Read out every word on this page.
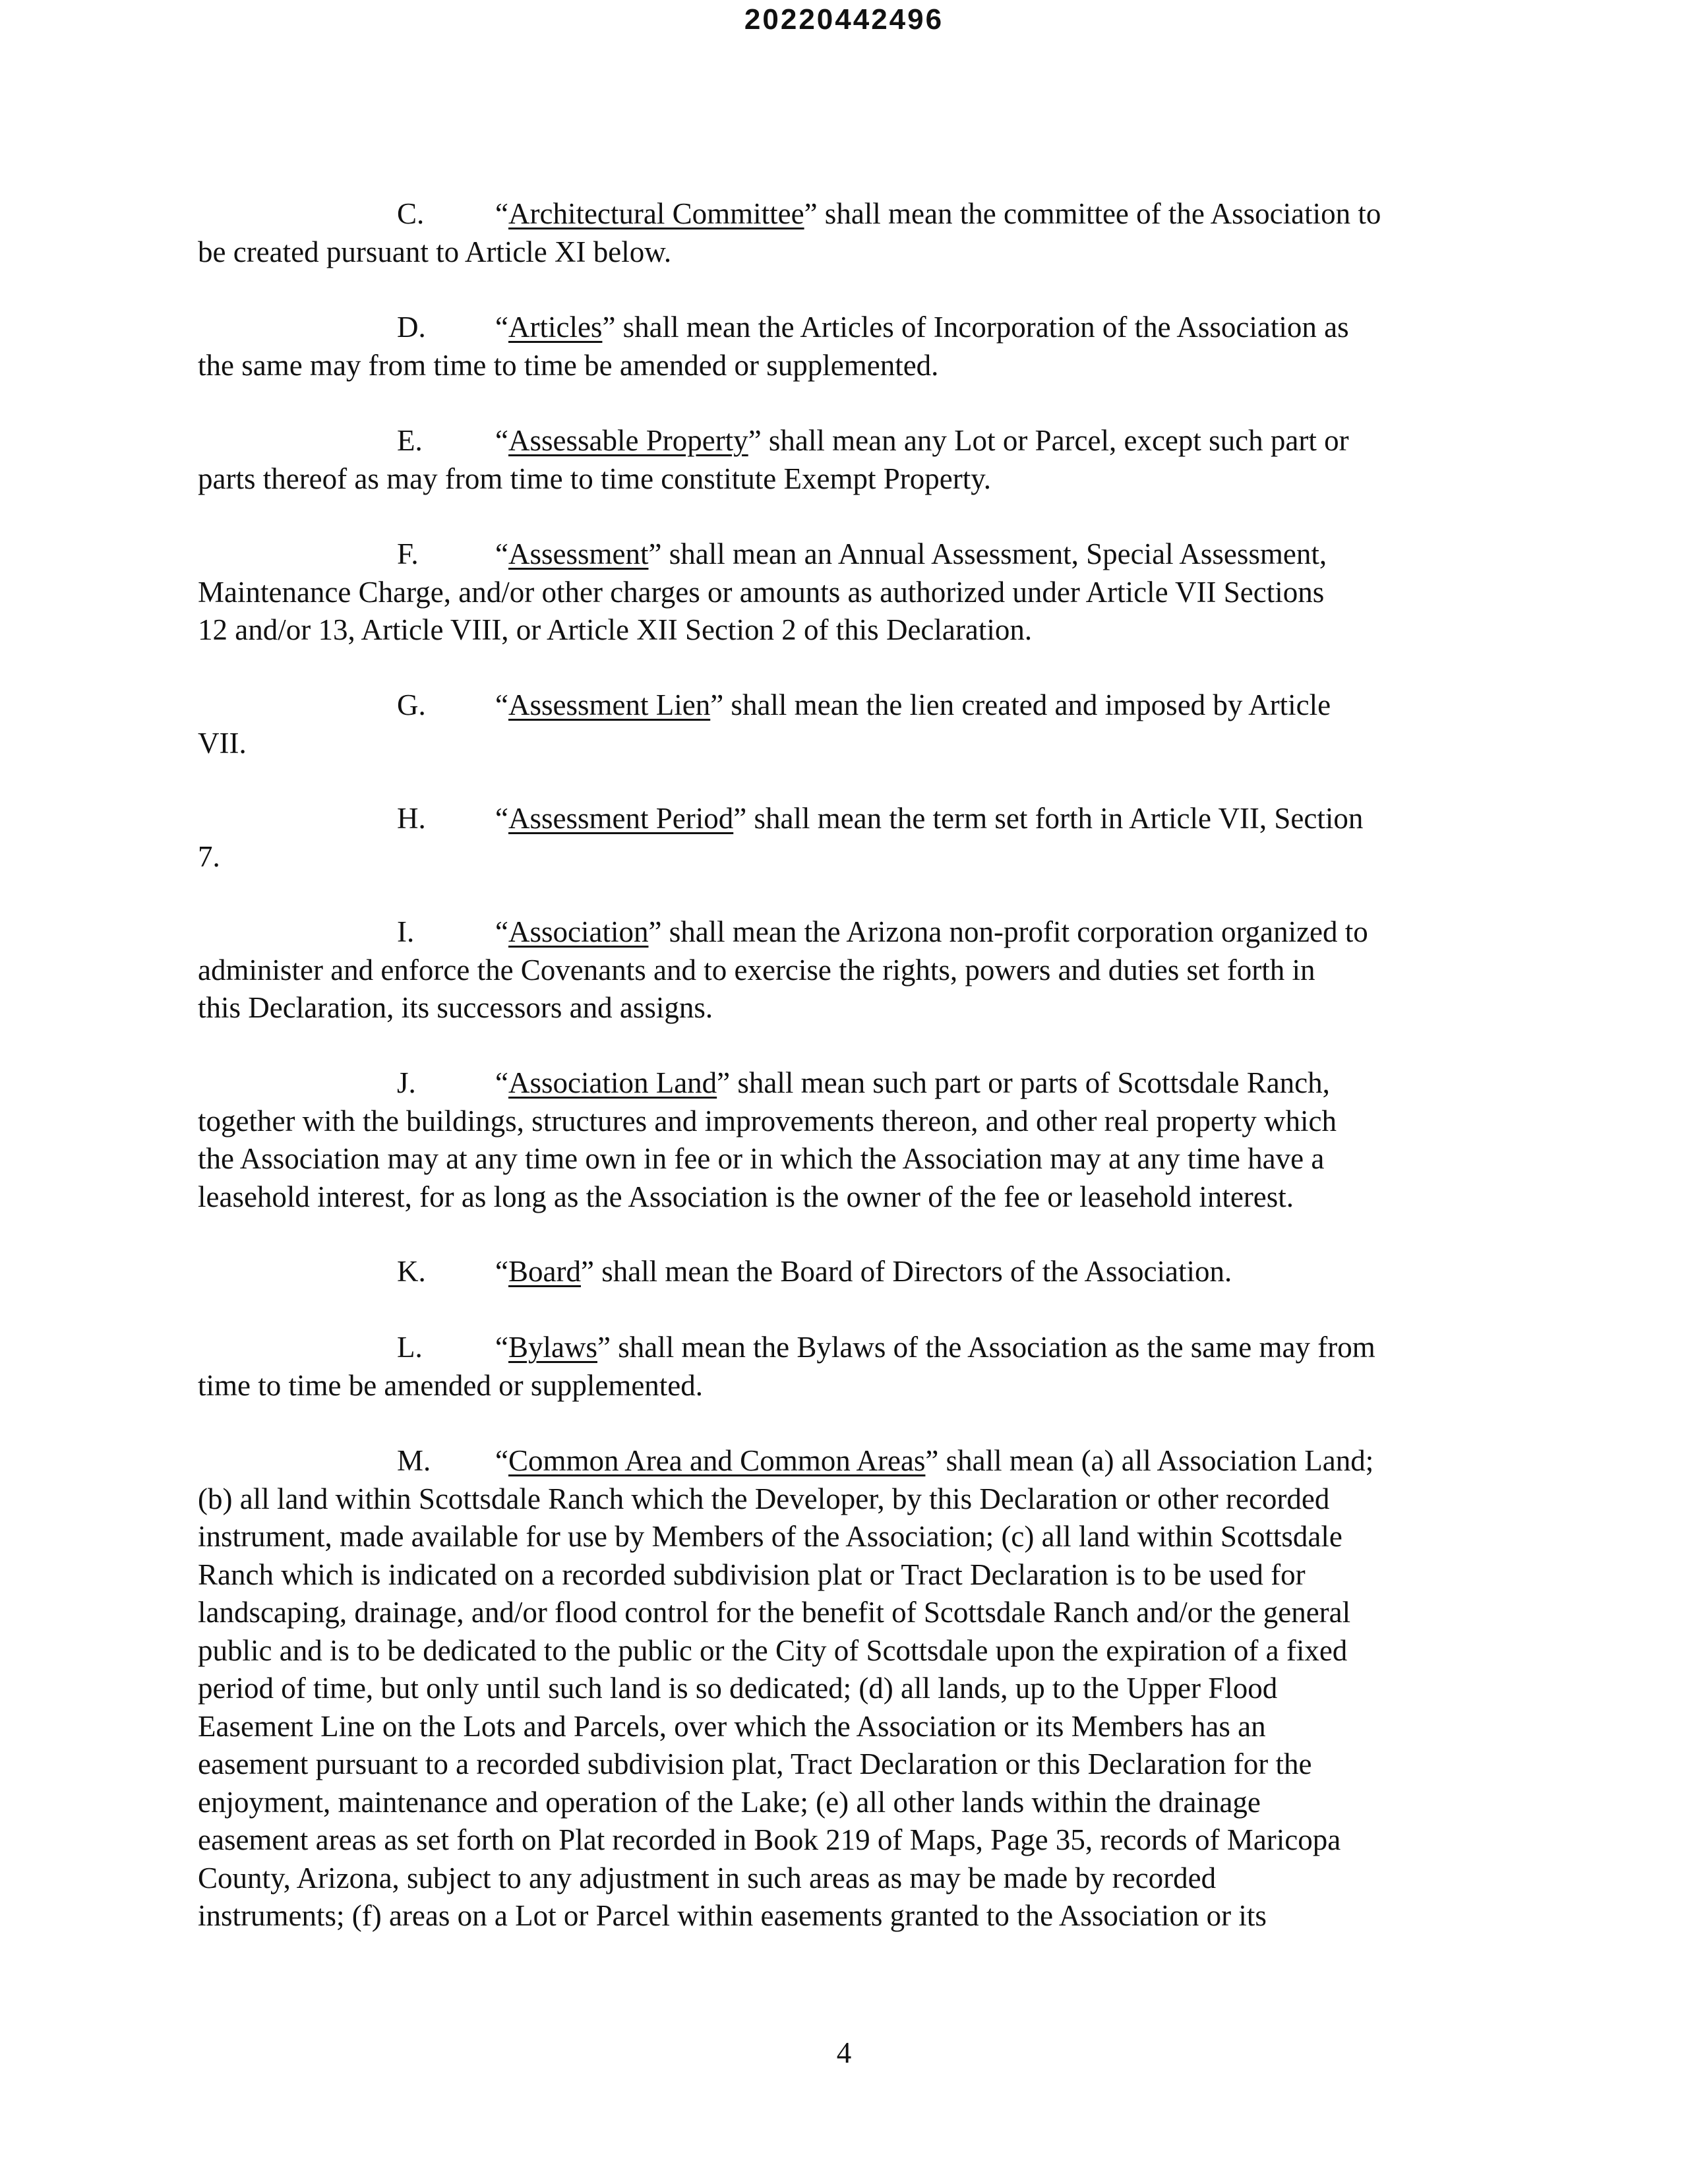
20220442496
C. “Architectural Committee” shall mean the committee of the Association to
be created pursuant to Article XI below.
D. “Articles” shall mean the Articles of Incorporation of the Association as
the same may from time to time be amended or supplemented.
E. “Assessable Property” shall mean any Lot or Parcel, except such part or
parts thereof as may from time to time constitute Exempt Property.
F.	“Assessment” shall mean an Annual Assessment, Special Assessment,
Maintenance Charge, and/or other charges or amounts as authorized under Article VII Sections
12 and/or 13, Article VIII, or Article XII Section 2 of this Declaration.
G. “Assessment Lien” shall mean the lien created and imposed by Article
VII.
H. “Assessment Period” shall mean the term set forth in Article VII, Section
7.
I.	“Association” shall mean the Arizona non-profit corporation organized to
administer and enforce the Covenants and to exercise the rights, powers and duties set forth in
this Declaration, its successors and assigns.
J.	“Association Land” shall mean such part or parts of Scottsdale Ranch,
together with the buildings, structures and improvements thereon, and other real property which
the Association may at any time own in fee or in which the Association may at any time have a
leasehold interest, for as long as the Association is the owner of the fee or leasehold interest.
K. “Board” shall mean the Board of Directors of the Association.
L. “Bylaws” shall mean the Bylaws of the Association as the same may from
time to time be amended or supplemented.
M. “Common Area and Common Areas” shall mean (a) all Association Land;
(b) all land within Scottsdale Ranch which the Developer, by this Declaration or other recorded
instrument, made available for use by Members of the Association; (c) all land within Scottsdale
Ranch which is indicated on a recorded subdivision plat or Tract Declaration is to be used for
landscaping, drainage, and/or flood control for the benefit of Scottsdale Ranch and/or the general
public and is to be dedicated to the public or the City of Scottsdale upon the expiration of a fixed
period of time, but only until such land is so dedicated; (d) all lands, up to the Upper Flood
Easement Line on the Lots and Parcels, over which the Association or its Members has an
easement pursuant to a recorded subdivision plat, Tract Declaration or this Declaration for the
enjoyment, maintenance and operation of the Lake; (e) all other lands within the drainage
easement areas as set forth on Plat recorded in Book 219 of Maps, Page 35, records of Maricopa
County, Arizona, subject to any adjustment in such areas as may be made by recorded
instruments; (f) areas on a Lot or Parcel within easements granted to the Association or its
4
